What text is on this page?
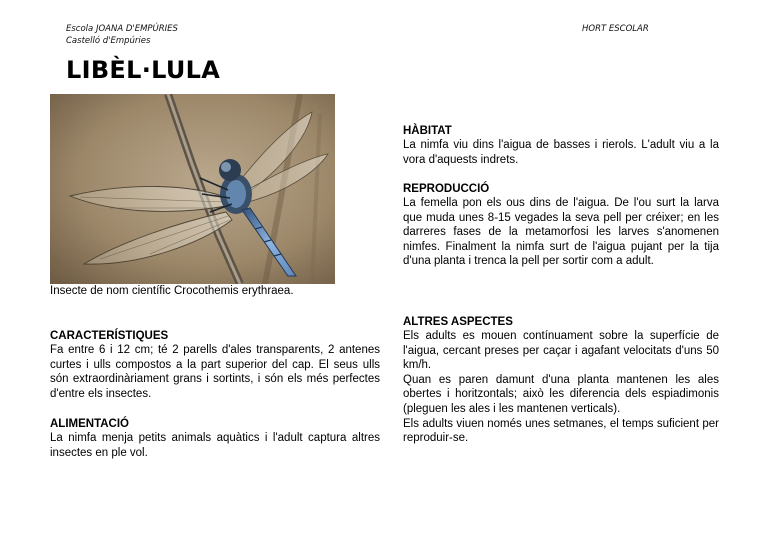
Escola JOANA D'EMPÚRIES
Castelló d'Empúries
HORT ESCOLAR
LIBÈL·LULA
Insecte de nom científic Crocothemis erythraea.
CARACTERÍSTIQUES

Fa entre 6 i 12 cm; té 2 parells d'ales transparents, 2 antenes curtes i ulls compostos a la part superior del cap. El seus ulls són extraordinàriament grans i sortints, i són els més perfectes d'entre els insectes.

ALIMENTACIÓ

La nimfa menja petits animals aquàtics i l'adult captura altres insectes en ple vol.

HÀBITAT

La nimfa viu dins l'aigua de basses i rierols. L'adult viu a la vora d'aquests indrets.

REPRODUCCIÓ

La femella pon els ous dins de l'aigua. De l'ou surt la larva que muda unes 8-15 vegades la seva pell per créixer; en les darreres fases de la metamorfosi les larves s'anomenen nimfes. Finalment la nimfa surt de l'aigua pujant per la tija d'una planta i trenca la pell per sortir com a adult.

ALTRES ASPECTES

Els adults es mouen contínuament sobre la superfície de l'aigua, cercant preses per caçar i agafant velocitats d'uns 50 km/h.

Quan es paren damunt d'una planta mantenen les ales obertes i horitzontals; això les diferencia dels espiadimonis (pleguen les ales i les mantenen verticals).

Els adults viuen només unes setmanes, el temps suficient per reproduir-se.
